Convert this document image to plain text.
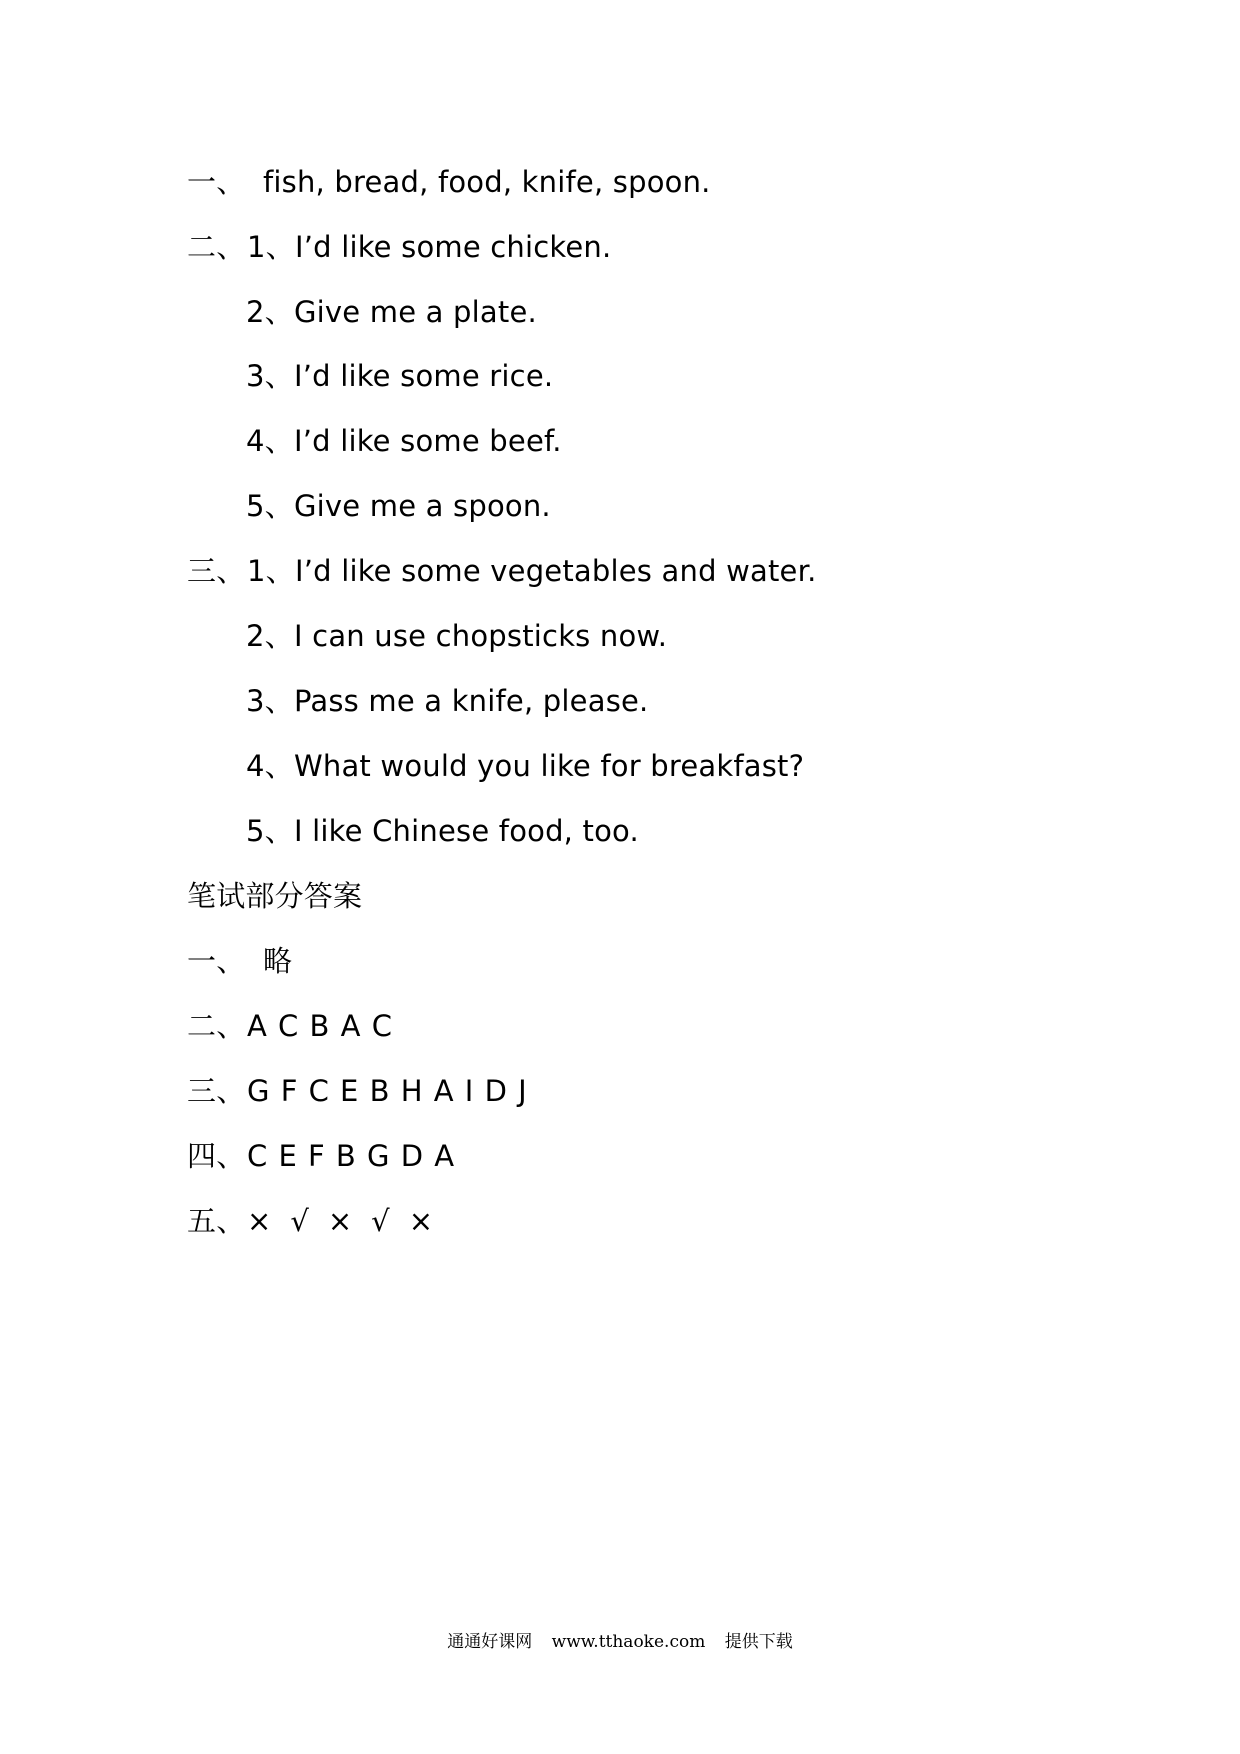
一、 fish, bread, food, knife, spoon.
二、1、I’d like some chicken.
2、Give me a plate.
3、I’d like some rice.
4、I’d like some beef.
5、Give me a spoon.
三、1、I’d like some vegetables and water.
2、I can use chopsticks now.
3、Pass me a knife, please.
4、What would you like for breakfast?
5、I like Chinese food, too.
笔试部分答案
一、 略
二、A C B A C
三、G F C E B H A I D J
四、C E F B G D A
五、×  √  ×  √  ×
通通好课网 www.tthaoke.com 提供下载
